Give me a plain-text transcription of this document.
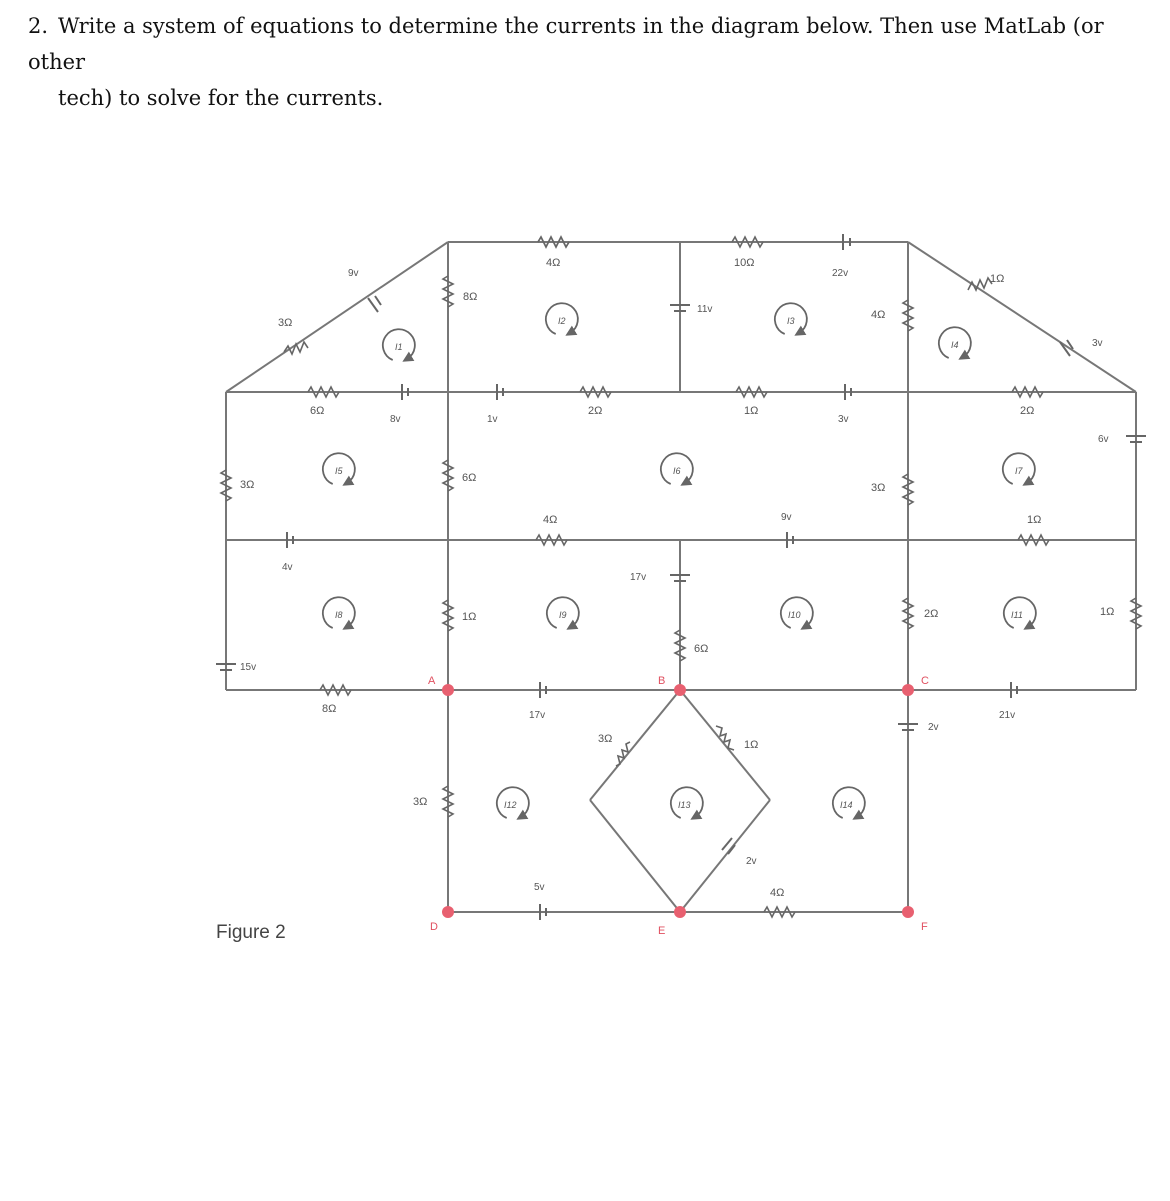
2. Write a system of equations to determine the currents in the diagram below. Then use MatLab (or other
tech) to solve for the currents.
A	B	C
D	E	F
I1
I2	I3
I4
I5	I6	I7
I8	I9	I10	I11
I12	I13	I14
3Ω
8Ω
4Ω	10Ω
1Ω
4Ω
6Ω	2Ω	1Ω	2Ω
3Ω
6Ω
3Ω
4Ω	1Ω
1Ω
6Ω
2Ω	1Ω
8Ω
3Ω
3Ω	1Ω
4Ω
9v	22v
11v
3v
8v	1v	3v
6v
9v
4v
17v
15v
17v
2v
21v
2v
5v
Figure 2
